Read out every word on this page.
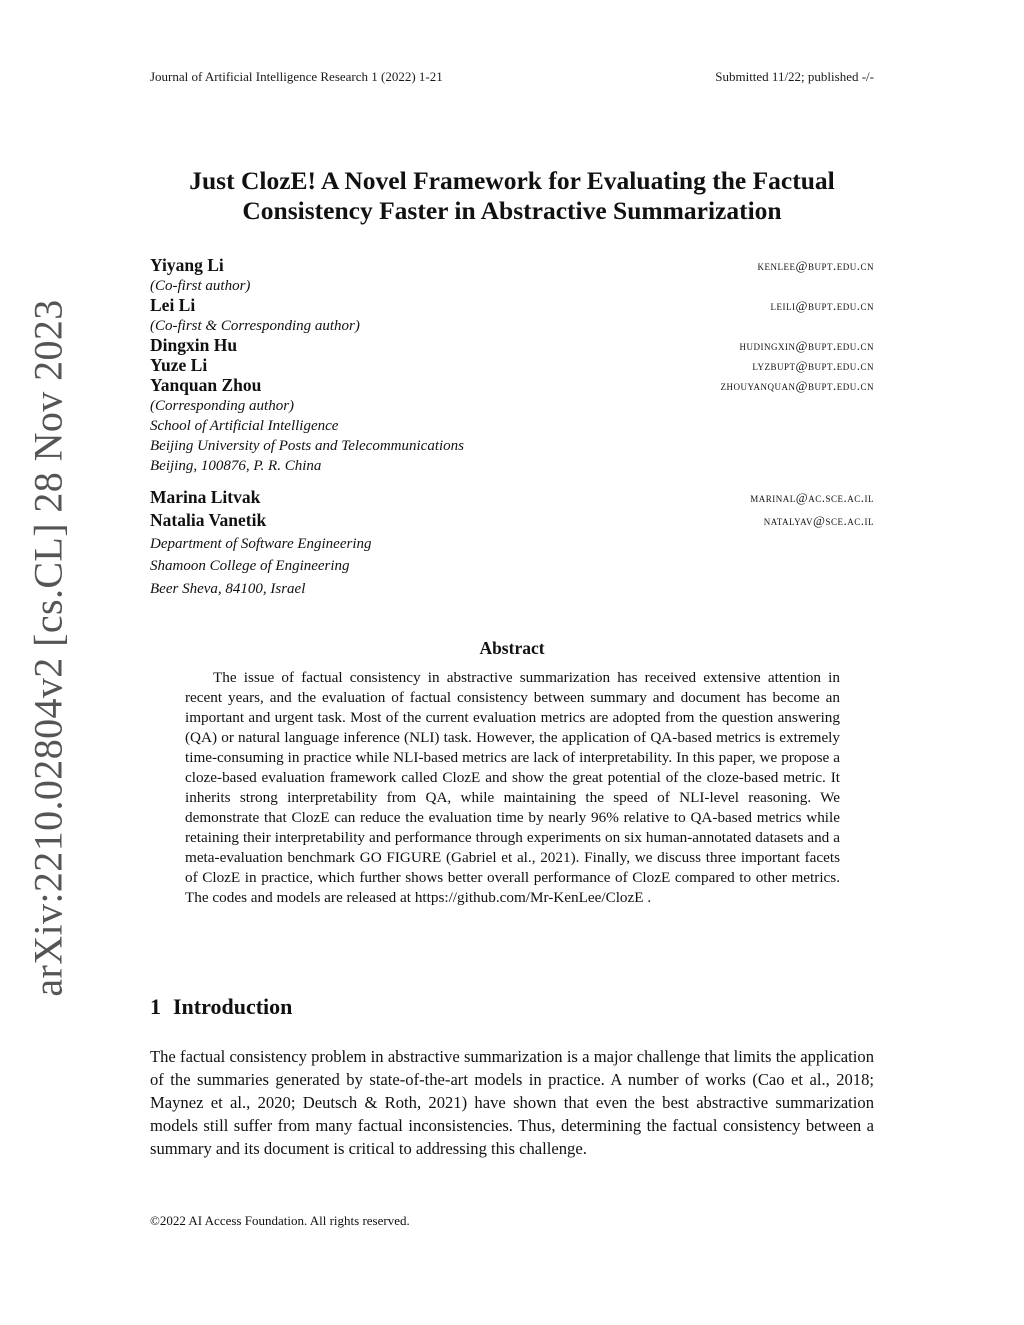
Journal of Artificial Intelligence Research 1 (2022) 1-21	Submitted 11/22; published -/-
arXiv:2210.02804v2 [cs.CL] 28 Nov 2023
Just ClozE! A Novel Framework for Evaluating the Factual
Consistency Faster in Abstractive Summarization
Yiyang Li	kenlee@bupt.edu.cn
(Co-first author)
Lei Li	leili@bupt.edu.cn
(Co-first & Corresponding author)
Dingxin Hu	hudingxin@bupt.edu.cn
Yuze Li	lyzbupt@bupt.edu.cn
Yanquan Zhou	zhouyanquan@bupt.edu.cn
(Corresponding author)
School of Artificial Intelligence
Beijing University of Posts and Telecommunications
Beijing, 100876, P. R. China
Marina Litvak	marinal@ac.sce.ac.il
Natalia Vanetik	natalyav@sce.ac.il
Department of Software Engineering
Shamoon College of Engineering
Beer Sheva, 84100, Israel
Abstract

The issue of factual consistency in abstractive summarization has received extensive attention in recent years, and the evaluation of factual consistency between summary and document has become an important and urgent task. Most of the current evaluation metrics are adopted from the question answering (QA) or natural language inference (NLI) task. However, the application of QA-based metrics is extremely time-consuming in practice while NLI-based metrics are lack of interpretability. In this paper, we propose a cloze-based evaluation framework called ClozE and show the great potential of the cloze-based metric. It inherits strong interpretability from QA, while maintaining the speed of NLI-level reasoning. We demonstrate that ClozE can reduce the evaluation time by nearly 96% relative to QA-based metrics while retaining their interpretability and performance through experiments on six human-annotated datasets and a meta-evaluation benchmark GO FIGURE (Gabriel et al., 2021). Finally, we discuss three important facets of ClozE in practice, which further shows better overall performance of ClozE compared to other metrics. The codes and models are released at https://github.com/Mr-KenLee/ClozE .

1 Introduction

The factual consistency problem in abstractive summarization is a major challenge that limits the application of the summaries generated by state-of-the-art models in practice. A number of works (Cao et al., 2018; Maynez et al., 2020; Deutsch & Roth, 2021) have shown that even the best abstractive summarization models still suffer from many factual inconsistencies. Thus, determining the factual consistency between a summary and its document is critical to addressing this challenge.

©2022 AI Access Foundation. All rights reserved.
